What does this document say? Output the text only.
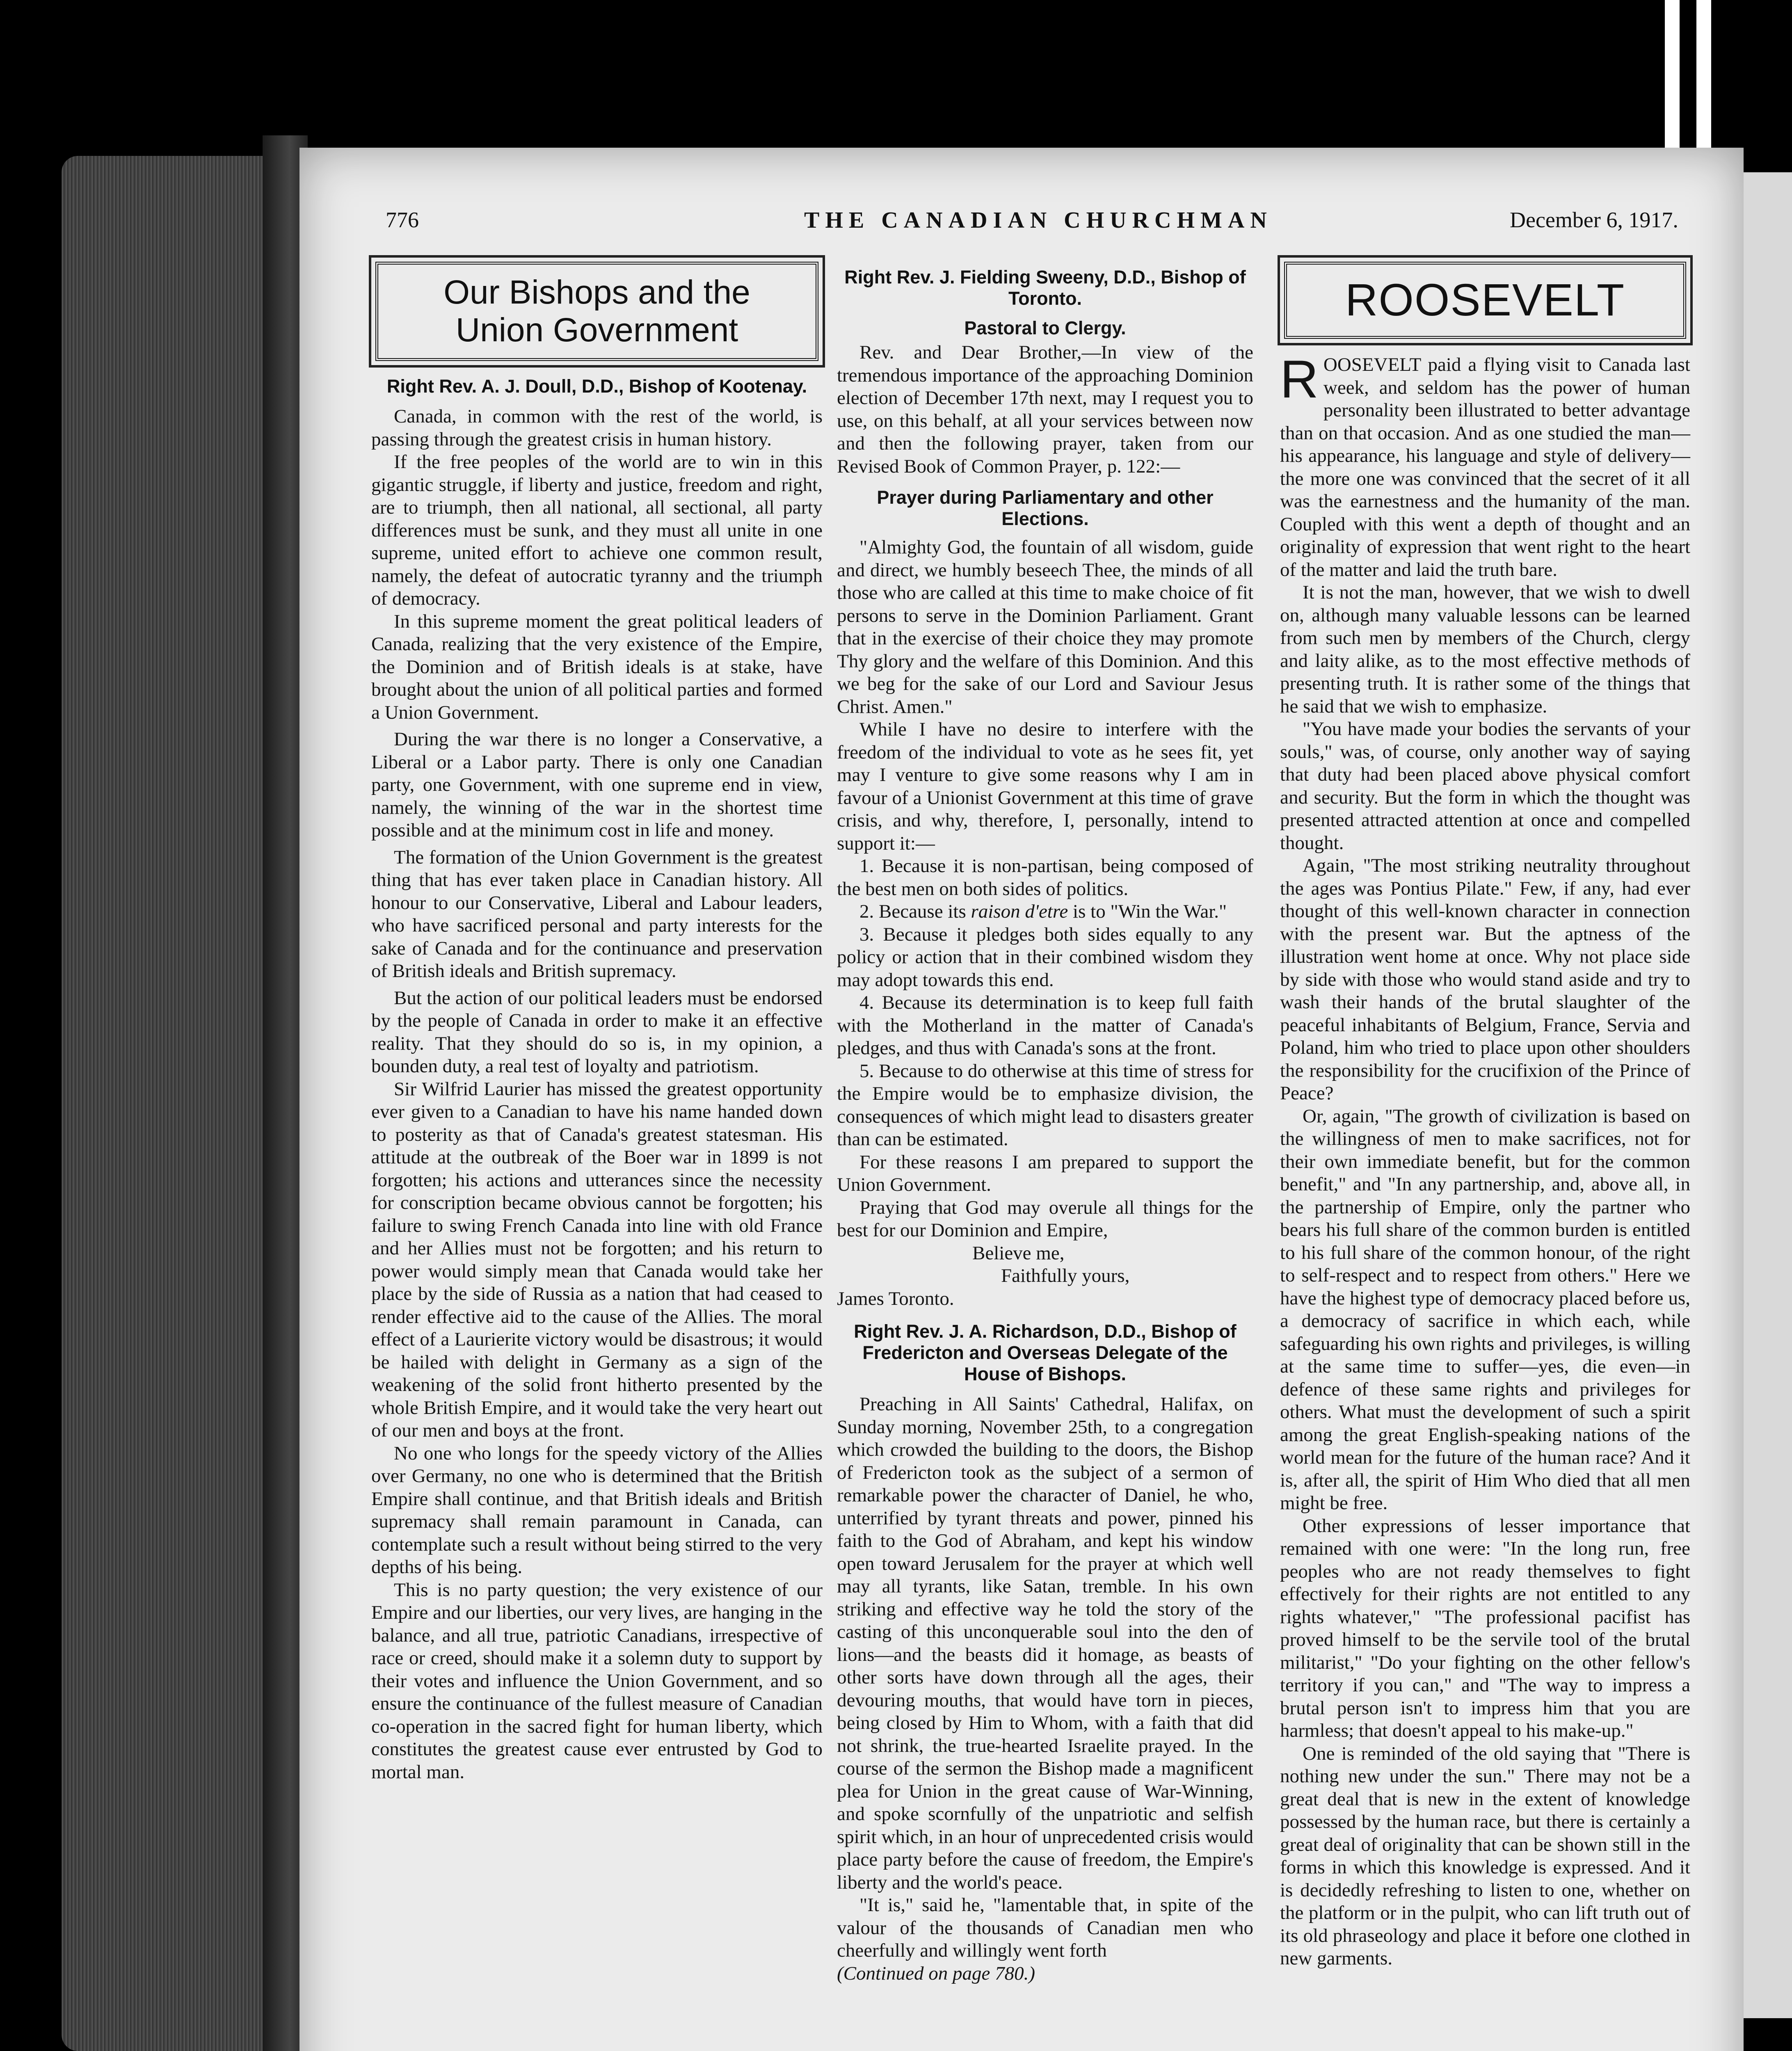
776	THE CANADIAN CHURCHMAN	December 6, 1917.
Our Bishops and the
Union Government
Right Rev. A. J. Doull, D.D., Bishop of Kootenay.

Canada, in common with the rest of the world, is passing through the greatest crisis in human history.

If the free peoples of the world are to win in this gigantic struggle, if liberty and justice, freedom and right, are to triumph, then all national, all sectional, all party differences must be sunk, and they must all unite in one supreme, united effort to achieve one common result, namely, the defeat of autocratic tyranny and the triumph of democracy.

In this supreme moment the great political leaders of Canada, realizing that the very existence of the Empire, the Dominion and of British ideals is at stake, have brought about the union of all political parties and formed a Union Government.

During the war there is no longer a Conservative, a Liberal or a Labor party. There is only one Canadian party, one Government, with one supreme end in view, namely, the winning of the war in the shortest time possible and at the minimum cost in life and money.

The formation of the Union Government is the greatest thing that has ever taken place in Canadian history. All honour to our Conservative, Liberal and Labour leaders, who have sacrificed personal and party interests for the sake of Canada and for the continuance and preservation of British ideals and British supremacy.

But the action of our political leaders must be endorsed by the people of Canada in order to make it an effective reality. That they should do so is, in my opinion, a bounden duty, a real test of loyalty and patriotism.

Sir Wilfrid Laurier has missed the greatest opportunity ever given to a Canadian to have his name handed down to posterity as that of Canada's greatest statesman. His attitude at the outbreak of the Boer war in 1899 is not forgotten; his actions and utterances since the necessity for conscription became obvious cannot be forgotten; his failure to swing French Canada into line with old France and her Allies must not be forgotten; and his return to power would simply mean that Canada would take her place by the side of Russia as a nation that had ceased to render effective aid to the cause of the Allies. The moral effect of a Laurierite victory would be disastrous; it would be hailed with delight in Germany as a sign of the weakening of the solid front hitherto presented by the whole British Empire, and it would take the very heart out of our men and boys at the front.

No one who longs for the speedy victory of the Allies over Germany, no one who is determined that the British Empire shall continue, and that British ideals and British supremacy shall remain paramount in Canada, can contemplate such a result without being stirred to the very depths of his being.

This is no party question; the very existence of our Empire and our liberties, our very lives, are hanging in the balance, and all true, patriotic Canadians, irrespective of race or creed, should make it a solemn duty to support by their votes and influence the Union Government, and so ensure the continuance of the fullest measure of Canadian co-operation in the sacred fight for human liberty, which constitutes the greatest cause ever entrusted by God to mortal man.

Right Rev. J. Fielding Sweeny, D.D., Bishop of Toronto.
Pastoral to Clergy.

Rev. and Dear Brother,—In view of the tremendous importance of the approaching Dominion election of December 17th next, may I request you to use, on this behalf, at all your services between now and then the following prayer, taken from our Revised Book of Common Prayer, p. 122:—

Prayer during Parliamentary and other Elections.

"Almighty God, the fountain of all wisdom, guide and direct, we humbly beseech Thee, the minds of all those who are called at this time to make choice of fit persons to serve in the Dominion Parliament. Grant that in the exercise of their choice they may promote Thy glory and the welfare of this Dominion. And this we beg for the sake of our Lord and Saviour Jesus Christ. Amen."

While I have no desire to interfere with the freedom of the individual to vote as he sees fit, yet may I venture to give some reasons why I am in favour of a Unionist Government at this time of grave crisis, and why, therefore, I, personally, intend to support it:—

1. Because it is non-partisan, being composed of the best men on both sides of politics.

2. Because its raison d'etre is to "Win the War."

3. Because it pledges both sides equally to any policy or action that in their combined wisdom they may adopt towards this end.

4. Because its determination is to keep full faith with the Motherland in the matter of Canada's pledges, and thus with Canada's sons at the front.

5. Because to do otherwise at this time of stress for the Empire would be to emphasize division, the consequences of which might lead to disasters greater than can be estimated.

For these reasons I am prepared to support the Union Government.

Praying that God may overule all things for the best for our Dominion and Empire,

Believe me,

Faithfully yours,

James Toronto.

Right Rev. J. A. Richardson, D.D., Bishop of Fredericton and Overseas Delegate of the House of Bishops.

Preaching in All Saints' Cathedral, Halifax, on Sunday morning, November 25th, to a congregation which crowded the building to the doors, the Bishop of Fredericton took as the subject of a sermon of remarkable power the character of Daniel, he who, unterrified by tyrant threats and power, pinned his faith to the God of Abraham, and kept his window open toward Jerusalem for the prayer at which well may all tyrants, like Satan, tremble. In his own striking and effective way he told the story of the casting of this unconquerable soul into the den of lions—and the beasts did it homage, as beasts of other sorts have down through all the ages, their devouring mouths, that would have torn in pieces, being closed by Him to Whom, with a faith that did not shrink, the true-hearted Israelite prayed. In the course of the sermon the Bishop made a magnificent plea for Union in the great cause of War-Winning, and spoke scornfully of the unpatriotic and selfish spirit which, in an hour of unprecedented crisis would place party before the cause of freedom, the Empire's liberty and the world's peace.

"It is," said he, "lamentable that, in spite of the valour of the thousands of Canadian men who cheerfully and willingly went forth

(Continued on page 780.)

ROOSEVELT

ROOSEVELT paid a flying visit to Canada last week, and seldom has the power of human personality been illustrated to better advantage than on that occasion. And as one studied the man—his appearance, his language and style of delivery—the more one was convinced that the secret of it all was the earnestness and the humanity of the man. Coupled with this went a depth of thought and an originality of expression that went right to the heart of the matter and laid the truth bare.

It is not the man, however, that we wish to dwell on, although many valuable lessons can be learned from such men by members of the Church, clergy and laity alike, as to the most effective methods of presenting truth. It is rather some of the things that he said that we wish to emphasize.

"You have made your bodies the servants of your souls," was, of course, only another way of saying that duty had been placed above physical comfort and security. But the form in which the thought was presented attracted attention at once and compelled thought.

Again, "The most striking neutrality throughout the ages was Pontius Pilate." Few, if any, had ever thought of this well-known character in connection with the present war. But the aptness of the illustration went home at once. Why not place side by side with those who would stand aside and try to wash their hands of the brutal slaughter of the peaceful inhabitants of Belgium, France, Servia and Poland, him who tried to place upon other shoulders the responsibility for the crucifixion of the Prince of Peace?

Or, again, "The growth of civilization is based on the willingness of men to make sacrifices, not for their own immediate benefit, but for the common benefit," and "In any partnership, and, above all, in the partnership of Empire, only the partner who bears his full share of the common burden is entitled to his full share of the common honour, of the right to self-respect and to respect from others." Here we have the highest type of democracy placed before us, a democracy of sacrifice in which each, while safeguarding his own rights and privileges, is willing at the same time to suffer—yes, die even—in defence of these same rights and privileges for others. What must the development of such a spirit among the great English-speaking nations of the world mean for the future of the human race? And it is, after all, the spirit of Him Who died that all men might be free.

Other expressions of lesser importance that remained with one were: "In the long run, free peoples who are not ready themselves to fight effectively for their rights are not entitled to any rights whatever," "The professional pacifist has proved himself to be the servile tool of the brutal militarist," "Do your fighting on the other fellow's territory if you can," and "The way to impress a brutal person isn't to impress him that you are harmless; that doesn't appeal to his make-up."

One is reminded of the old saying that "There is nothing new under the sun." There may not be a great deal that is new in the extent of knowledge possessed by the human race, but there is certainly a great deal of originality that can be shown still in the forms in which this knowledge is expressed. And it is decidedly refreshing to listen to one, whether on the platform or in the pulpit, who can lift truth out of its old phraseology and place it before one clothed in new garments.
